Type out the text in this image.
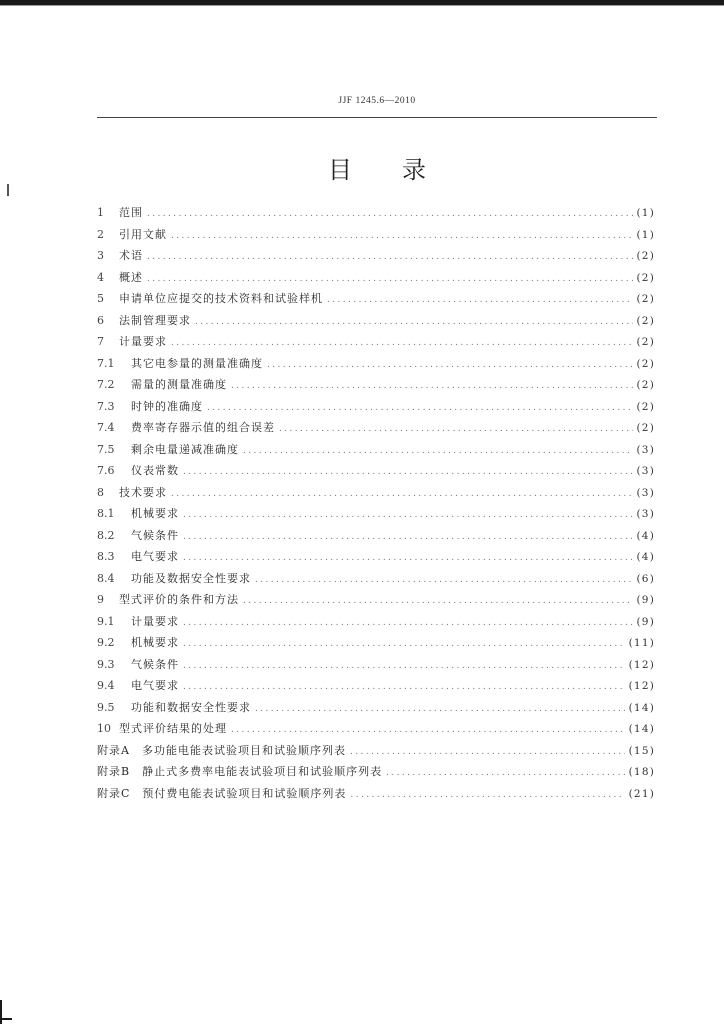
JJF 1245.6—2010
目录
1	范围 .....	(1)
2	引用文献 .....	(1)
3	术语 .....	(2)
4	概述 .....	(2)
5	申请单位应提交的技术资料和试验样机 .....	(2)
6	法制管理要求 .....	(2)
7	计量要求 .....	(2)
7.1	其它电参量的测量准确度 .....	(2)
7.2	需量的测量准确度 .....	(2)
7.3	时钟的准确度 .....	(2)
7.4	费率寄存器示值的组合误差 .....	(2)
7.5	剩余电量递减准确度 .....	(3)
7.6	仪表常数 .....	(3)
8	技术要求 .....	(3)
8.1	机械要求 .....	(3)
8.2	气候条件 .....	(4)
8.3	电气要求 .....	(4)
8.4	功能及数据安全性要求 .....	(6)
9	型式评价的条件和方法 .....	(9)
9.1	计量要求 .....	(9)
9.2	机械要求 .....	(11)
9.3	气候条件 .....	(12)
9.4	电气要求 .....	(12)
9.5	功能和数据安全性要求 .....	(14)
10 型式评价结果的处理 .....	(14)
附录A　多功能电能表试验项目和试验顺序列表 .....	(15)
附录B　静止式多费率电能表试验项目和试验顺序列表 .....	(18)
附录C　预付费电能表试验项目和试验顺序列表 .....	(21)
